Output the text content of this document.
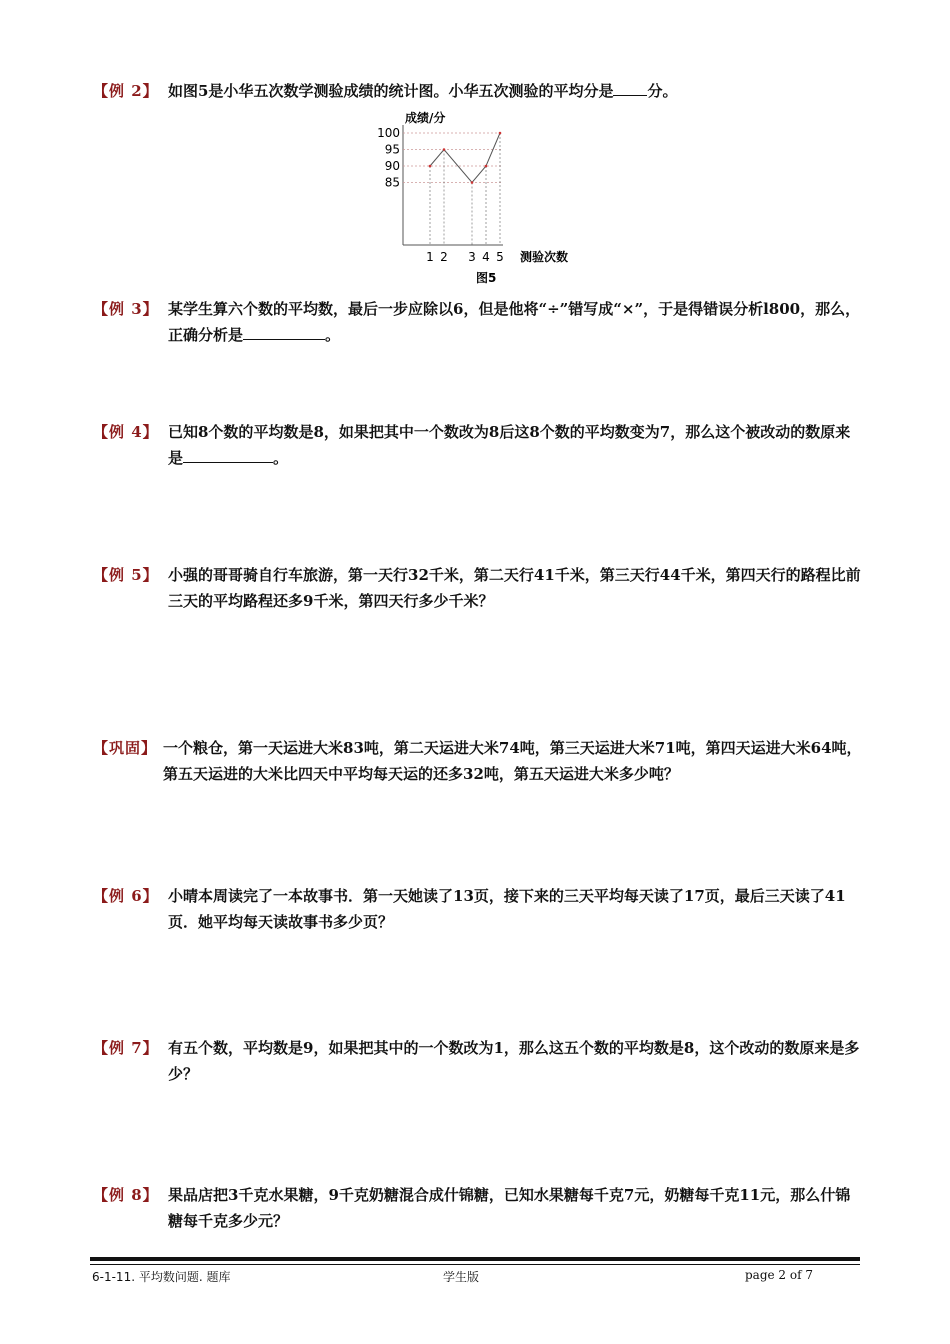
【例 2】 如图5是小华五次数学测验成绩的统计图。小华五次测验的平均分是 分。
成绩/分
85
90
95
100
1 2 3 4 5 测验次数
图5
【例 3】 某学生算六个数的平均数，最后一步应除以6，但是他将“÷”错写成“×”，于是得错误分析l800，那么，正确分析是	。
【例 4】 已知8个数的平均数是8，如果把其中一个数改为8后这8个数的平均数变为7，那么这个被改动的数原来是	。
【例 5】 小强的哥哥骑自行车旅游，第一天行32千米，第二天行41千米，第三天行44千米，第四天行的路程比前三天的平均路程还多9千米，第四天行多少千米？
【巩固】 一个粮仓，第一天运进大米83吨，第二天运进大米74吨，第三天运进大米71吨，第四天运进大米64吨，第五天运进的大米比四天中平均每天运的还多32吨，第五天运进大米多少吨？
【例 6】 小晴本周读完了一本故事书．第一天她读了13页，接下来的三天平均每天读了17页，最后三天读了41页．她平均每天读故事书多少页？
【例 7】 有五个数，平均数是9，如果把其中的一个数改为1，那么这五个数的平均数是8，这个改动的数原来是多少？
【例 8】 果品店把3千克水果糖，9千克奶糖混合成什锦糖，已知水果糖每千克7元，奶糖每千克11元，那么什锦糖每千克多少元？
6-1-11. 平均数问题. 题库	学生版	page 2 of 7
